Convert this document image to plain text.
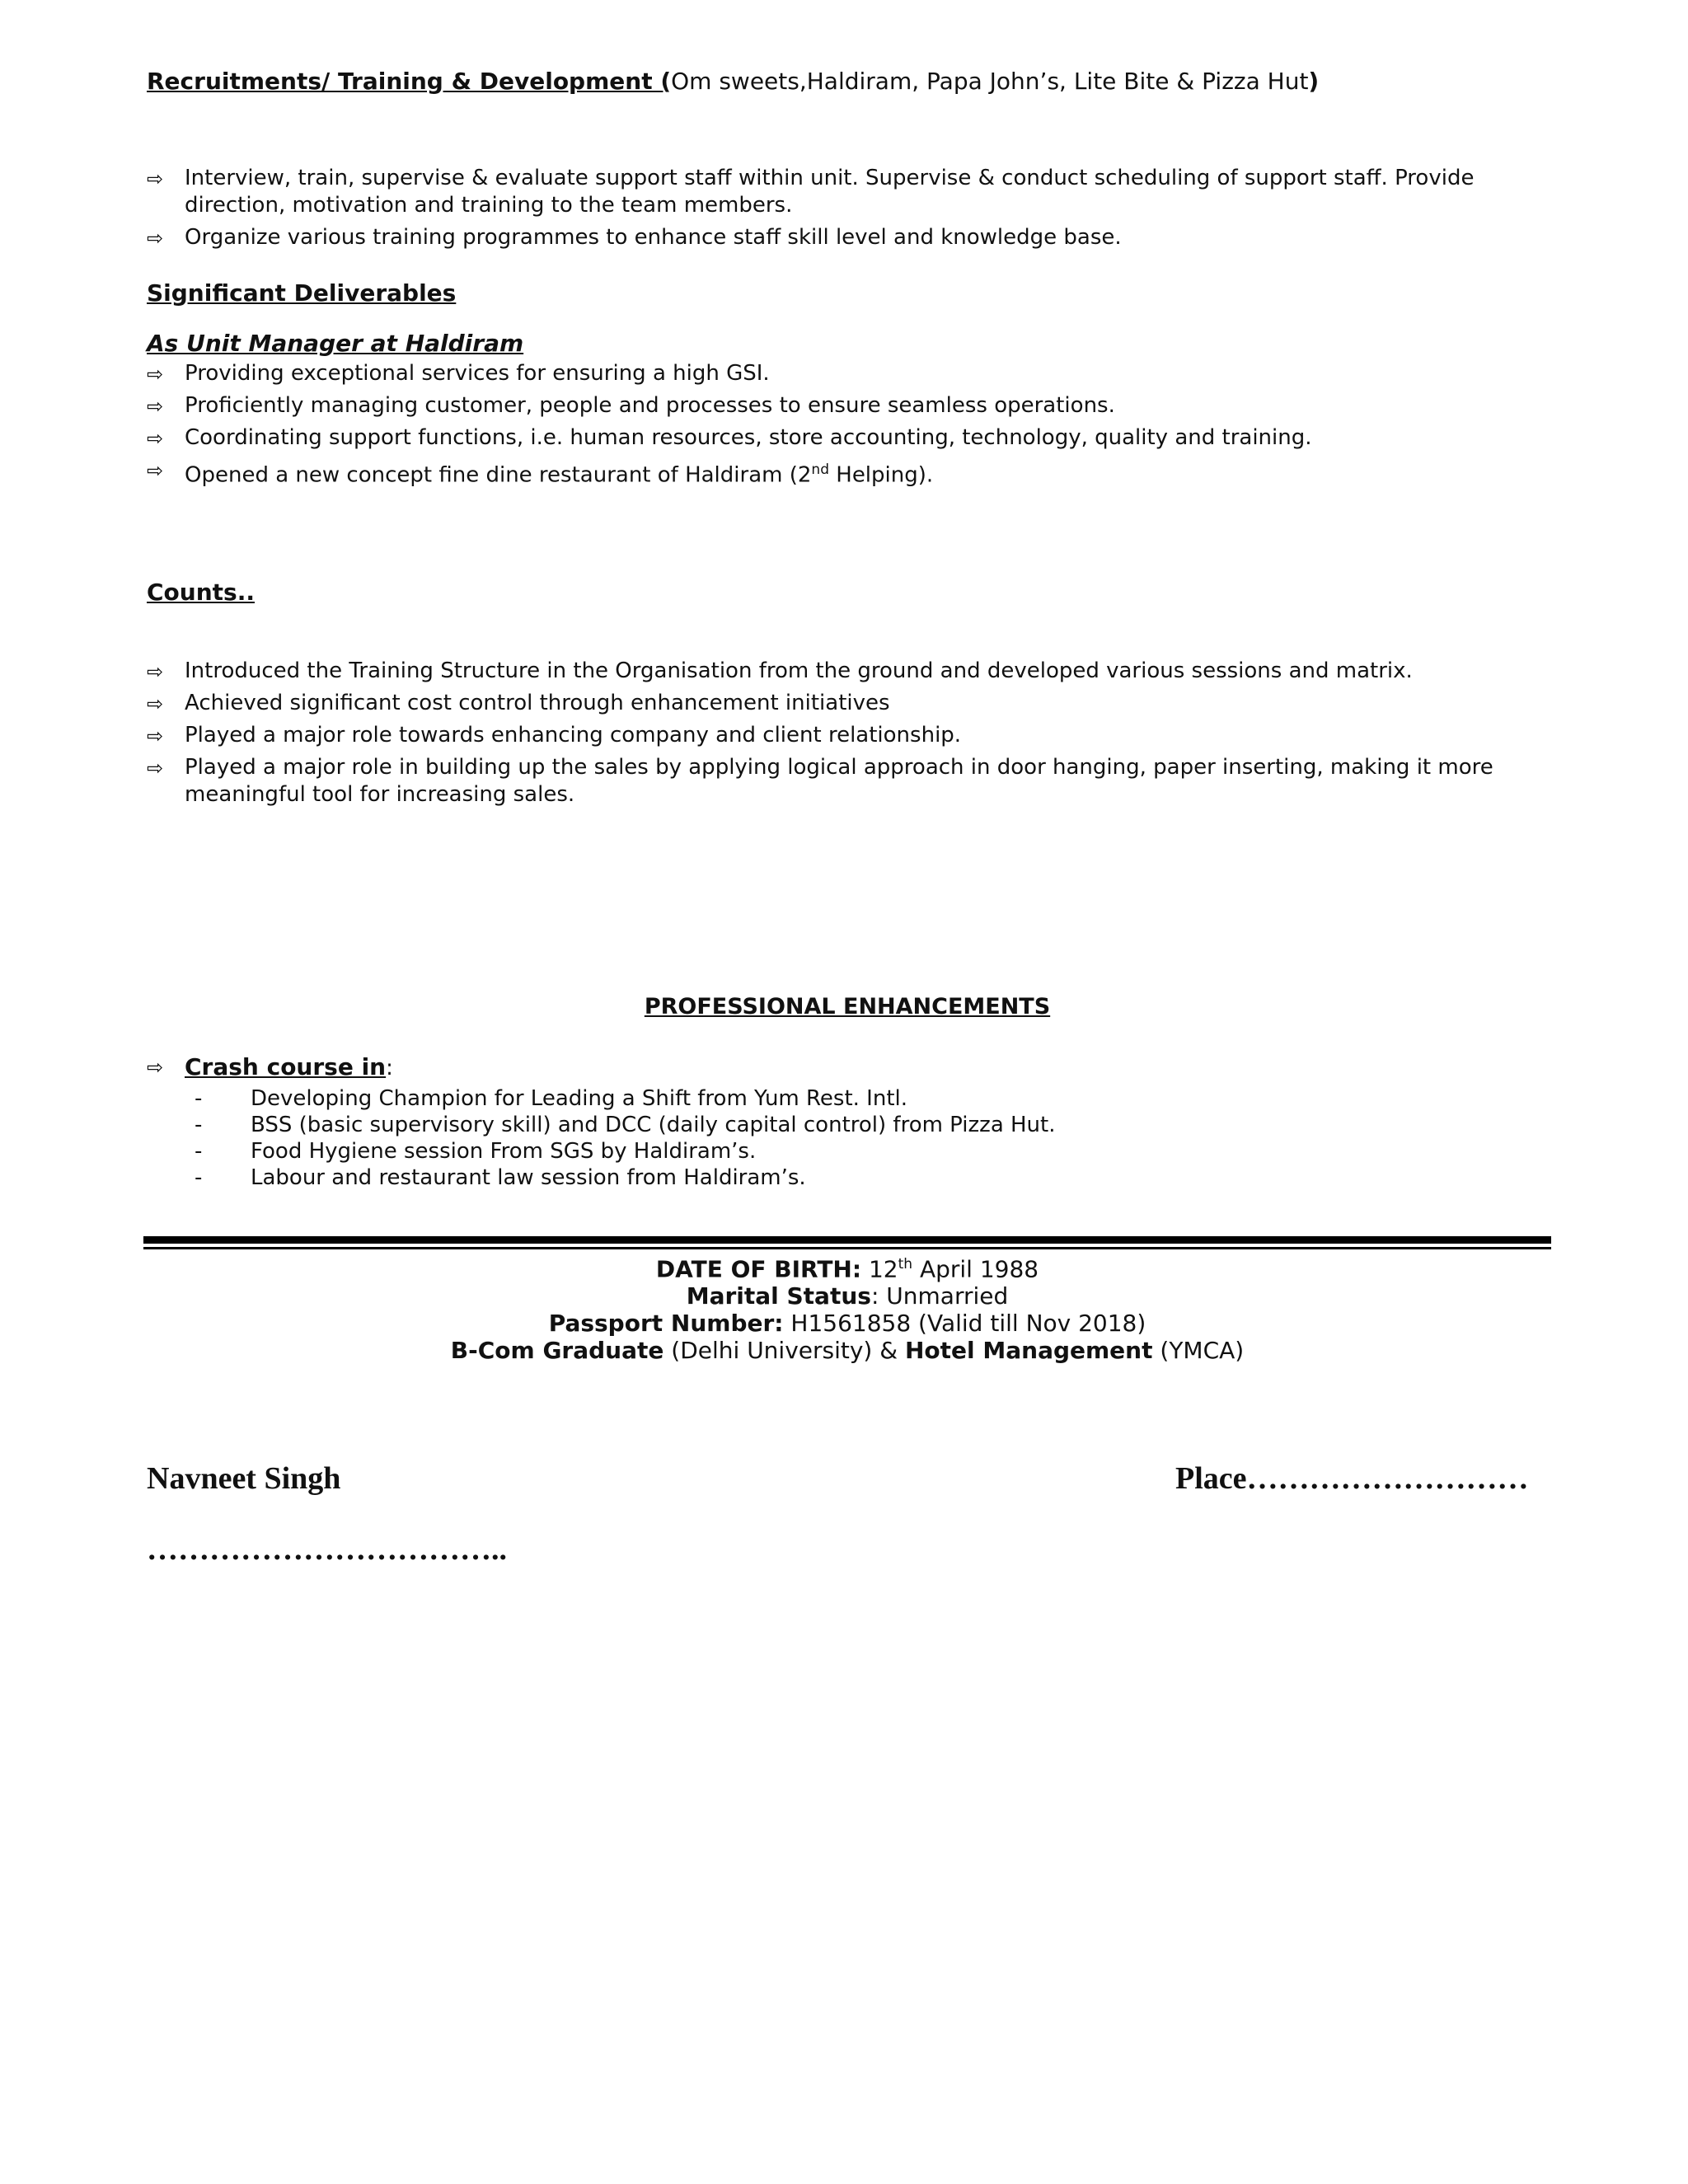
Recruitments/ Training & Development (Om sweets,Haldiram, Papa John’s, Lite Bite & Pizza Hut)

⇨ Interview, train, supervise & evaluate support staff within unit. Supervise & conduct scheduling of support staff. Provide direction, motivation and training to the team members.
⇨ Organize various training programmes to enhance staff skill level and knowledge base.
Significant Deliverables
As Unit Manager at Haldiram
⇨ Providing exceptional services for ensuring a high GSI.
⇨ Proficiently managing customer, people and processes to ensure seamless operations.
⇨ Coordinating support functions, i.e. human resources, store accounting, technology, quality and training.
⇨ Opened a new concept fine dine restaurant of Haldiram (2nd Helping).
Counts..
⇨ Introduced the Training Structure in the Organisation from the ground and developed various sessions and matrix.
⇨ Achieved significant cost control through enhancement initiatives
⇨ Played a major role towards enhancing company and client relationship.
⇨ Played a major role in building up the sales by applying logical approach in door hanging, paper inserting, making it more meaningful tool for increasing sales.
PROFESSIONAL ENHANCEMENTS
⇨ Crash course in:
- Developing Champion for Leading a Shift from Yum Rest. Intl.
- BSS (basic supervisory skill) and DCC (daily capital control) from Pizza Hut.
- Food Hygiene session From SGS by Haldiram’s.
- Labour and restaurant law session from Haldiram’s.
DATE OF BIRTH: 12th April 1988
Marital Status: Unmarried
Passport Number: H1561858 (Valid till Nov 2018)
B-Com Graduate (Delhi University) & Hotel Management (YMCA)
Navneet Singh	Place………………………
……………………………..
